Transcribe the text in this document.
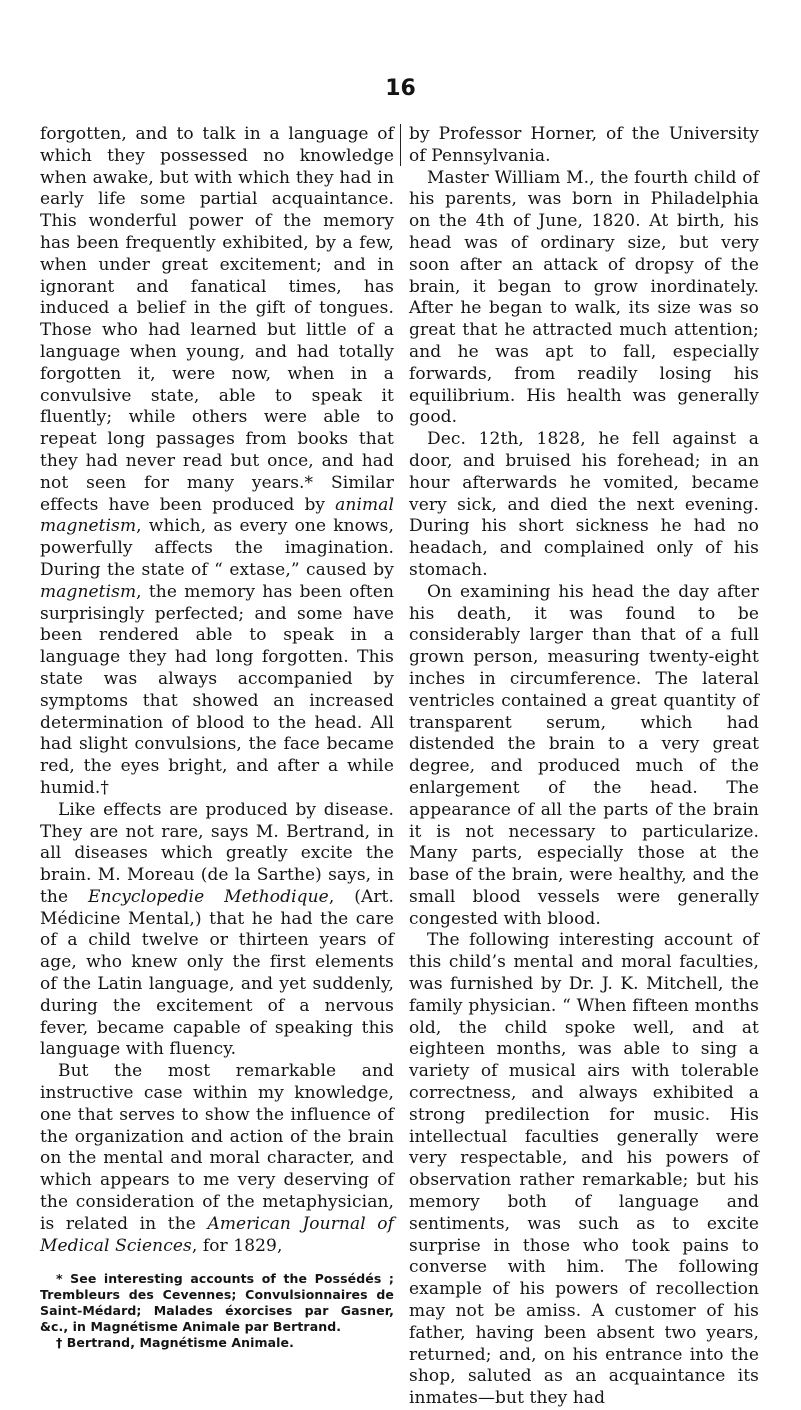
16

forgotten, and to talk in a language of which they possessed no knowledge when awake, but with which they had in early life some partial acquaintance. This wonderful power of the memory has been frequently exhibited, by a few, when under great excitement; and in ignorant and fanatical times, has induced a belief in the gift of tongues. Those who had learned but little of a language when young, and had totally forgotten it, were now, when in a convulsive state, able to speak it fluently; while others were able to repeat long passages from books that they had never read but once, and had not seen for many years.* Similar effects have been produced by animal magnetism, which, as every one knows, powerfully affects the imagination. During the state of “ extase,” caused by magnetism, the memory has been often surprisingly perfected; and some have been rendered able to speak in a language they had long forgotten. This state was always accompanied by symptoms that showed an increased determination of blood to the head. All had slight convulsions, the face became red, the eyes bright, and after a while humid.†

Like effects are produced by disease. They are not rare, says M. Bertrand, in all diseases which greatly excite the brain. M. Moreau (de la Sarthe) says, in the Encyclopedie Methodique, (Art. Médicine Mental,) that he had the care of a child twelve or thirteen years of age, who knew only the first elements of the Latin language, and yet suddenly, during the excitement of a nervous fever, became capable of speaking this language with fluency.

But the most remarkable and instructive case within my knowledge, one that serves to show the influence of the organization and action of the brain on the mental and moral character, and which appears to me very deserving of the consideration of the metaphysician, is related in the American Journal of Medical Sciences, for 1829,

* See interesting accounts of the Possédés ; Trembleurs des Cevennes; Convulsionnaires de Saint-Médard; Malades éxorcises par Gasner, &c., in Magnétisme Animale par Bertrand.

† Bertrand, Magnétisme Animale.

by Professor Horner, of the University of Pennsylvania.

Master William M., the fourth child of his parents, was born in Philadelphia on the 4th of June, 1820. At birth, his head was of ordinary size, but very soon after an attack of dropsy of the brain, it began to grow inordinately. After he began to walk, its size was so great that he attracted much attention; and he was apt to fall, especially forwards, from readily losing his equilibrium. His health was generally good.

Dec. 12th, 1828, he fell against a door, and bruised his forehead; in an hour afterwards he vomited, became very sick, and died the next evening. During his short sickness he had no headach, and complained only of his stomach.

On examining his head the day after his death, it was found to be considerably larger than that of a full grown person, measuring twenty-eight inches in circumference. The lateral ventricles contained a great quantity of transparent serum, which had distended the brain to a very great degree, and produced much of the enlargement of the head. The appearance of all the parts of the brain it is not necessary to particularize. Many parts, especially those at the base of the brain, were healthy, and the small blood vessels were generally congested with blood.

The following interesting account of this child’s mental and moral faculties, was furnished by Dr. J. K. Mitchell, the family physician. “ When fifteen months old, the child spoke well, and at eighteen months, was able to sing a variety of musical airs with tolerable correctness, and always exhibited a strong predilection for music. His intellectual faculties generally were very respectable, and his powers of observation rather remarkable; but his memory both of language and sentiments, was such as to excite surprise in those who took pains to converse with him. The following example of his powers of recollection may not be amiss. A customer of his father, having been absent two years, returned; and, on his entrance into the shop, saluted as an acquaintance its inmates—but they had
